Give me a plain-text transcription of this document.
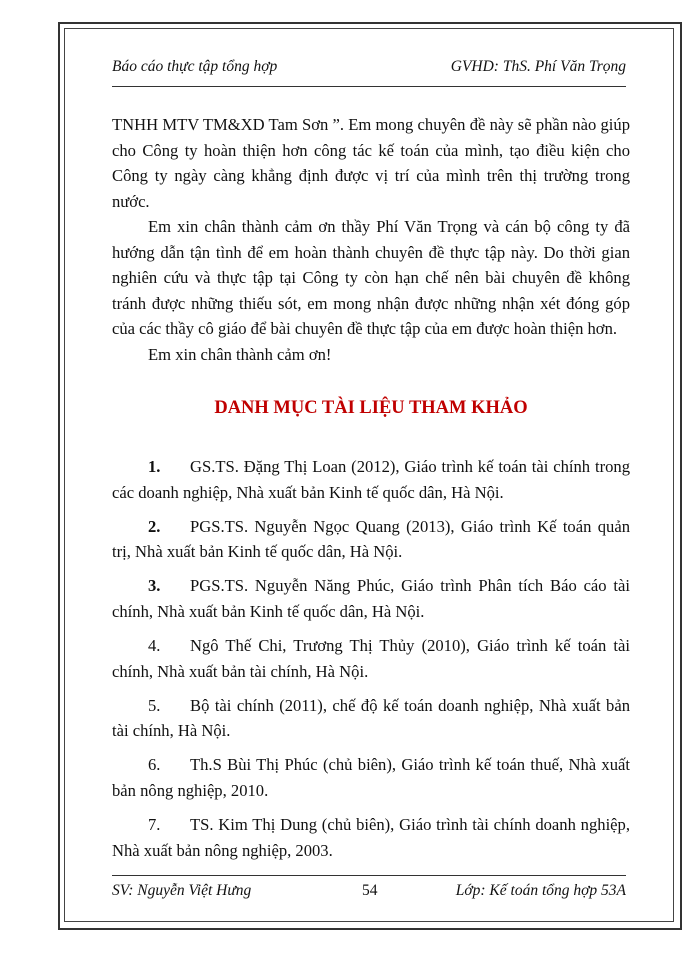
Báo cáo thực tập tổng hợp	GVHD: ThS. Phí Văn Trọng

TNHH MTV TM&XD Tam Sơn ”. Em mong chuyên đề này sẽ phần nào giúp cho Công ty hoàn thiện hơn công tác kế toán của mình, tạo điều kiện cho Công ty ngày càng khẳng định được vị trí của mình trên thị trường trong nước.

Em xin chân thành cảm ơn thầy Phí Văn Trọng và cán bộ công ty đã hướng dẫn tận tình để em hoàn thành chuyên đề thực tập này. Do thời gian nghiên cứu và thực tập tại Công ty còn hạn chế nên bài chuyên đề không tránh được những thiếu sót, em mong nhận được những nhận xét đóng góp của các thầy cô giáo để bài chuyên đề thực tập của em được hoàn thiện hơn.

Em xin chân thành cảm ơn!

DANH MỤC TÀI LIỆU THAM KHẢO
1. GS.TS. Đặng Thị Loan (2012), Giáo trình kế toán tài chính trong các doanh nghiệp, Nhà xuất bản Kinh tế quốc dân, Hà Nội.
2. PGS.TS. Nguyễn Ngọc Quang (2013), Giáo trình Kế toán quản trị, Nhà xuất bản Kinh tế quốc dân, Hà Nội.
3. PGS.TS. Nguyễn Năng Phúc, Giáo trình Phân tích Báo cáo tài chính, Nhà xuất bản Kinh tế quốc dân, Hà Nội.
4. Ngô Thế Chi, Trương Thị Thủy (2010), Giáo trình kế toán tài chính, Nhà xuất bản tài chính, Hà Nội.
5. Bộ tài chính (2011), chế độ kế toán doanh nghiệp, Nhà xuất bản tài chính, Hà Nội.
6. Th.S Bùi Thị Phúc (chủ biên), Giáo trình kế toán thuế, Nhà xuất bản nông nghiệp, 2010.
7. TS. Kim Thị Dung (chủ biên), Giáo trình tài chính doanh nghiệp, Nhà xuất bản nông nghiệp, 2003.
SV: Nguyễn Việt Hưng	54	Lớp: Kế toán tổng hợp 53A
